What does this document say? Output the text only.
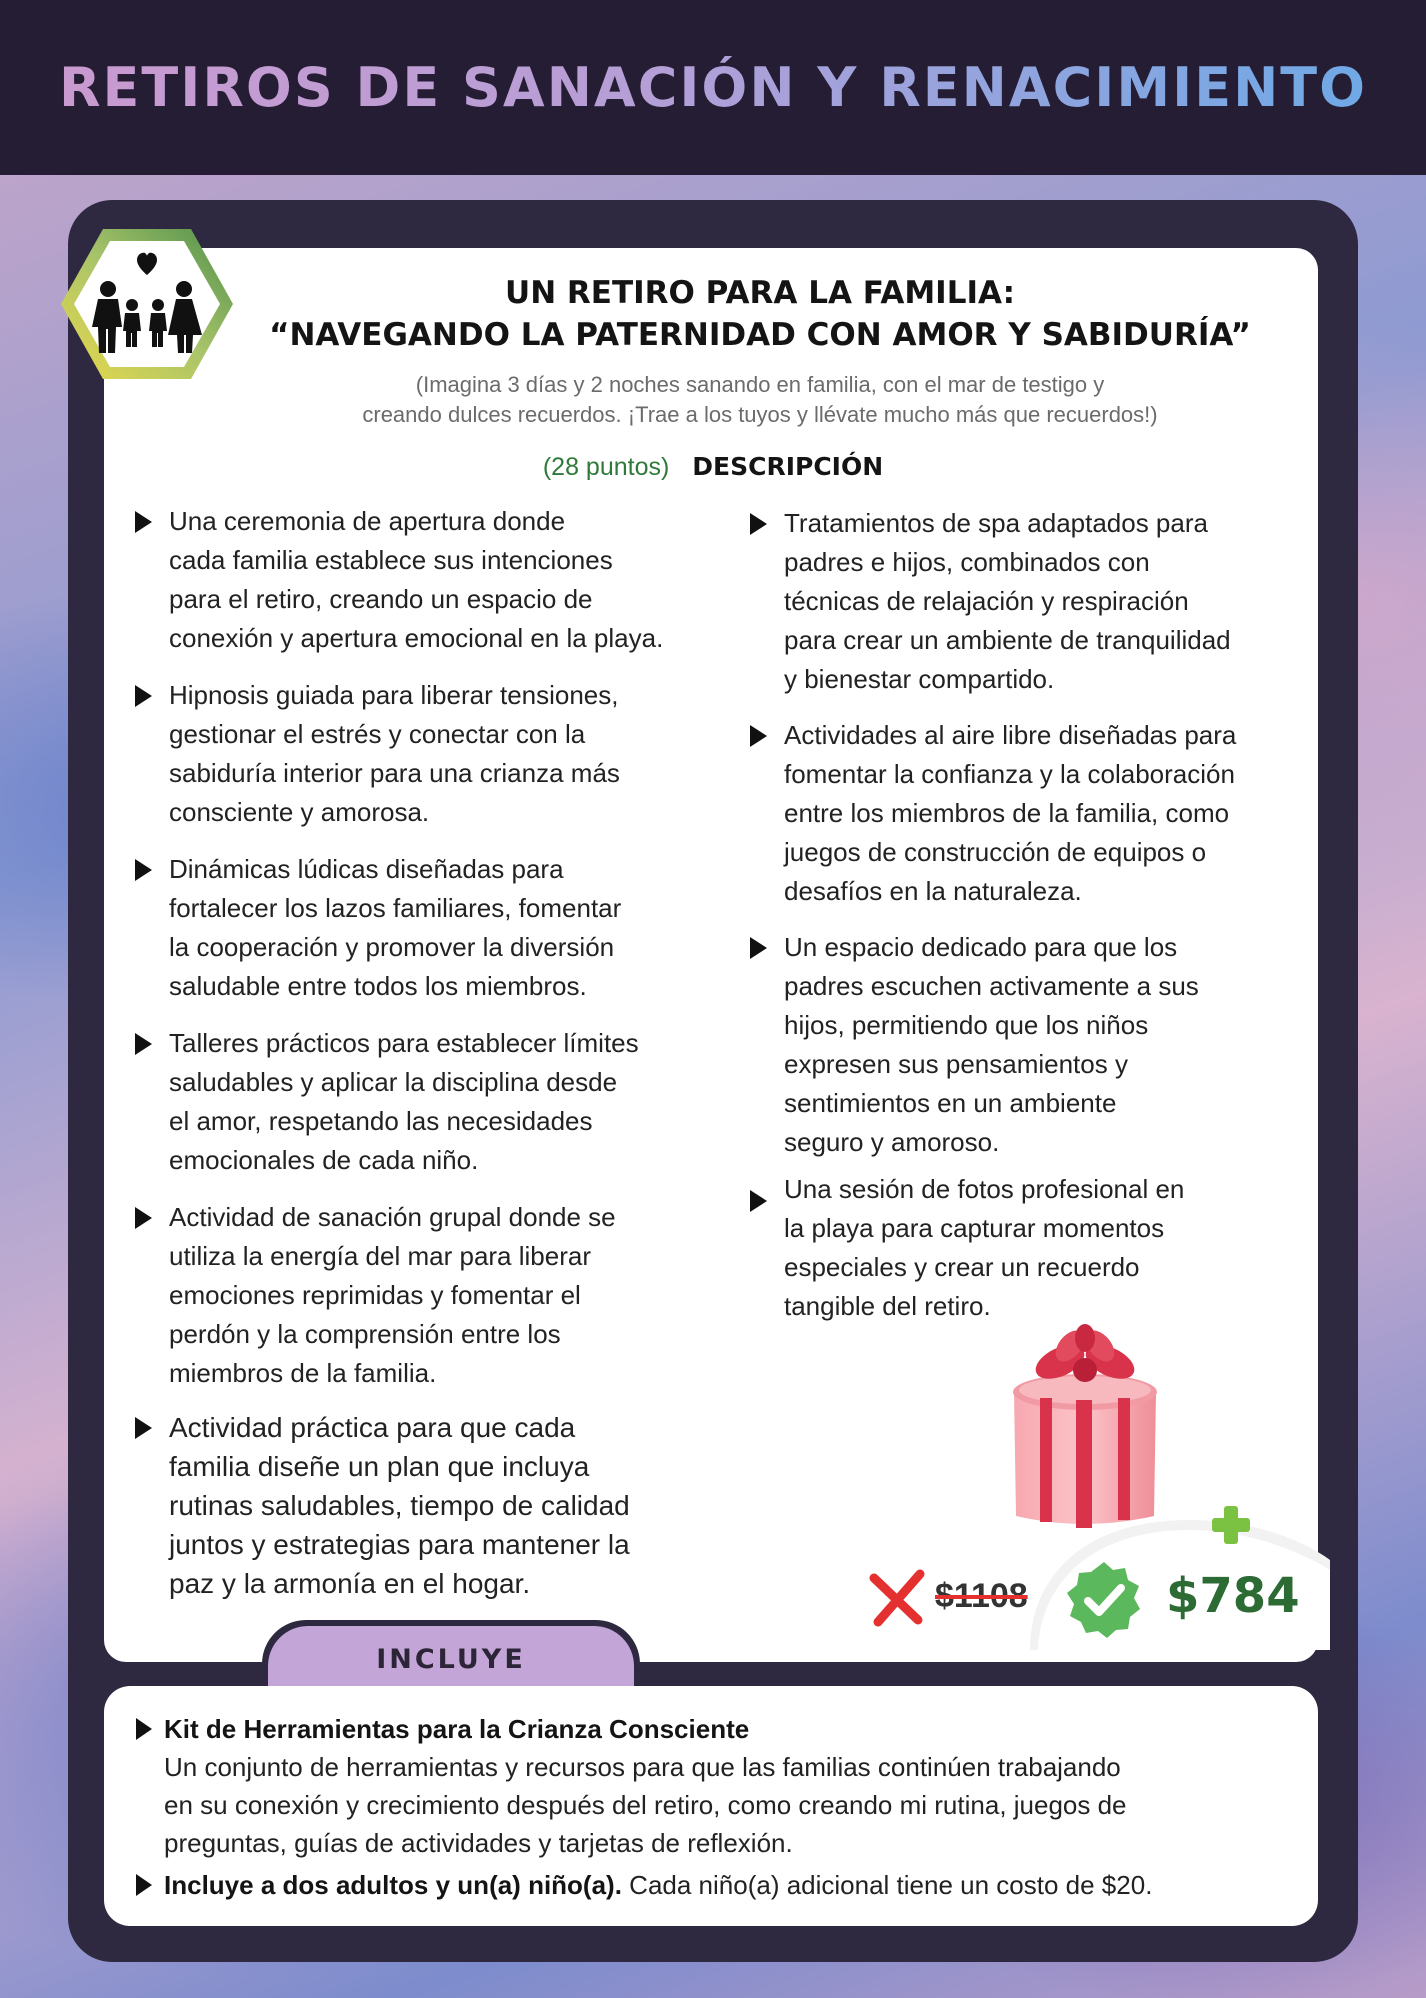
RETIROS DE SANACIÓN Y RENACIMIENTO
UN RETIRO PARA LA FAMILIA:
“NAVEGANDO LA PATERNIDAD CON AMOR Y SABIDURÍA”
(Imagina 3 días y 2 noches sanando en familia, con el mar de testigo y
creando dulces recuerdos. ¡Trae a los tuyos y llévate mucho más que recuerdos!)
(28 puntos) DESCRIPCIÓN
Una ceremonia de apertura donde
cada familia establece sus intenciones
para el retiro, creando un espacio de
conexión y apertura emocional en la playa.
Hipnosis guiada para liberar tensiones,
gestionar el estrés y conectar con la
sabiduría interior para una crianza más
consciente y amorosa.
Dinámicas lúdicas diseñadas para
fortalecer los lazos familiares, fomentar
la cooperación y promover la diversión
saludable entre todos los miembros.
Talleres prácticos para establecer límites
saludables y aplicar la disciplina desde
el amor, respetando las necesidades
emocionales de cada niño.
Actividad de sanación grupal donde se
utiliza la energía del mar para liberar
emociones reprimidas y fomentar el
perdón y la comprensión entre los
miembros de la familia.
Actividad práctica para que cada
familia diseñe un plan que incluya
rutinas saludables, tiempo de calidad
juntos y estrategias para mantener la
paz y la armonía en el hogar.
Tratamientos de spa adaptados para
padres e hijos, combinados con
técnicas de relajación y respiración
para crear un ambiente de tranquilidad
y bienestar compartido.
Actividades al aire libre diseñadas para
fomentar la confianza y la colaboración
entre los miembros de la familia, como
juegos de construcción de equipos o
desafíos en la naturaleza.
Un espacio dedicado para que los
padres escuchen activamente a sus
hijos, permitiendo que los niños
expresen sus pensamientos y
sentimientos en un ambiente
seguro y amoroso.
Una sesión de fotos profesional en
la playa para capturar momentos
especiales y crear un recuerdo
tangible del retiro.
$1108	$784
INCLUYE
Kit de Herramientas para la Crianza Consciente
Un conjunto de herramientas y recursos para que las familias continúen trabajando
en su conexión y crecimiento después del retiro, como creando mi rutina, juegos de
preguntas, guías de actividades y tarjetas de reflexión.
Incluye a dos adultos y un(a) niño(a). Cada niño(a) adicional tiene un costo de $20.
